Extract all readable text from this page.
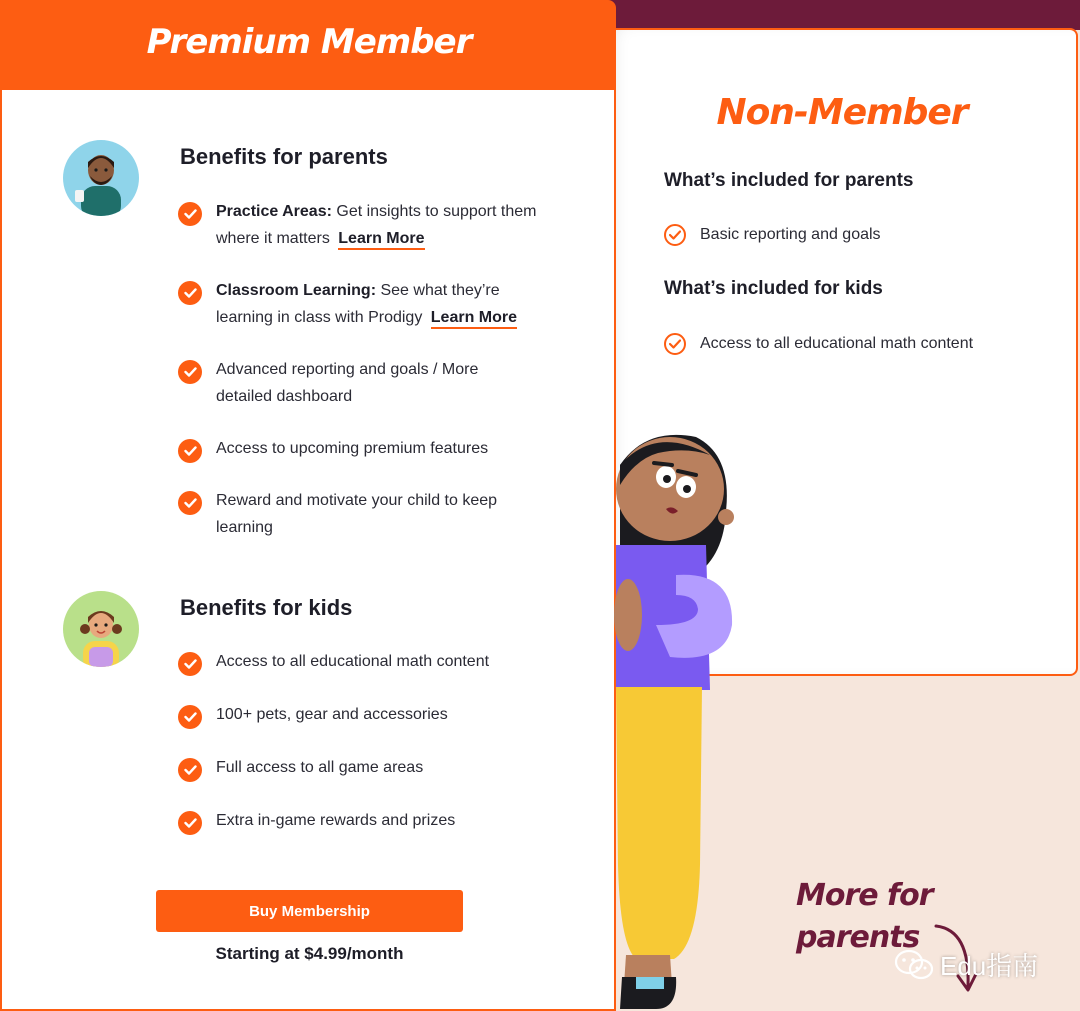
Non-Member
What’s included for parents
Basic reporting and goals
What’s included for kids
Access to all educational math content
Premium Member
Benefits for parents
Practice Areas: Get insights to support them where it matters Learn More
Classroom Learning: See what they’re learning in class with Prodigy Learn More
Advanced reporting and goals / More detailed dashboard
Access to upcoming premium features
Reward and motivate your child to keep learning
Benefits for kids
Access to all educational math content
100+ pets, gear and accessories
Full access to all game areas
Extra in-game rewards and prizes
Buy Membership
Starting at $4.99/month
More for
parents
Edu指南
